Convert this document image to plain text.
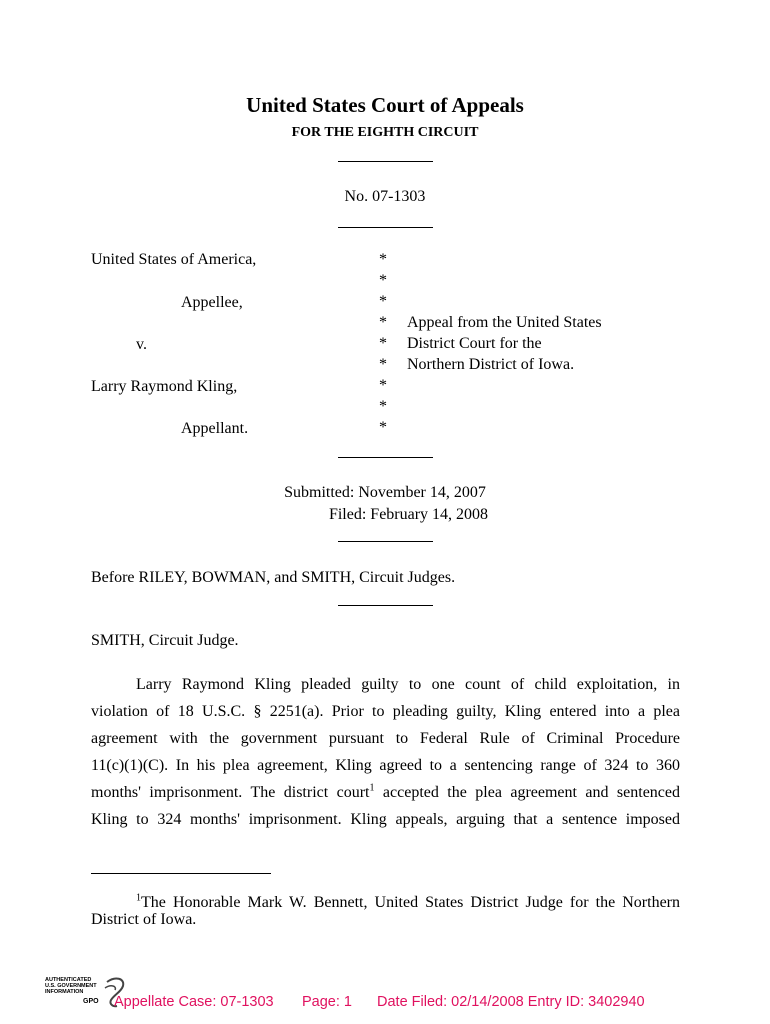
United States Court of Appeals
FOR THE EIGHTH CIRCUIT
No. 07-1303
United States of America,
Appellee,
v.
Larry Raymond Kling,
Appellant.
*
*
*
*
*
*
*
*
*
Appeal from the United States
District Court for the
Northern District of Iowa.
Submitted: November 14, 2007
Filed: February 14, 2008
Before RILEY, BOWMAN, and SMITH, Circuit Judges.
SMITH, Circuit Judge.
Larry Raymond Kling pleaded guilty to one count of child exploitation, in
violation of 18 U.S.C. § 2251(a). Prior to pleading guilty, Kling entered into a plea
agreement with the government pursuant to Federal Rule of Criminal Procedure
11(c)(1)(C). In his plea agreement, Kling agreed to a sentencing range of 324 to 360
months' imprisonment. The district court$^1$ accepted the plea agreement and sentenced
Kling to 324 months' imprisonment. Kling appeals, arguing that a sentence imposed
$^1$The Honorable Mark W. Bennett, United States District Judge for the Northern
District of Iowa.
AUTHENTICATED
U.S. GOVERNMENT
INFORMATION
GPO Appellate Case: 07-1303 Page: 1 Date Filed: 02/14/2008 Entry ID: 3402940
